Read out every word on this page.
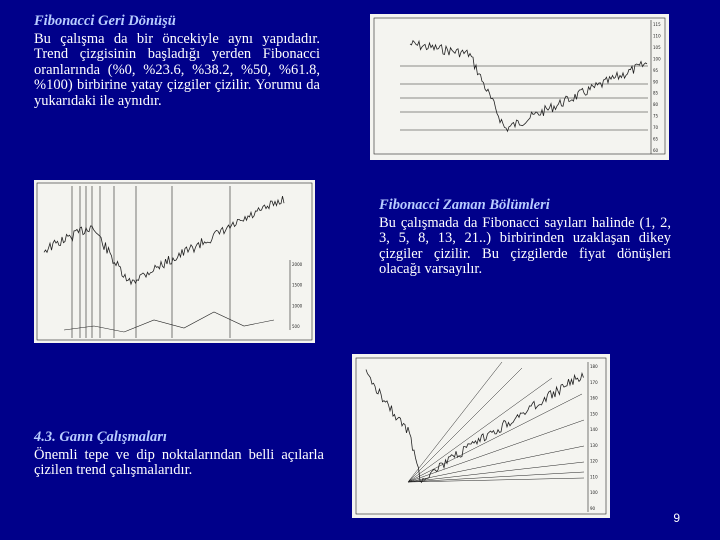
Fibonacci Geri Dönüşü
Bu çalışma da bir öncekiyle aynı yapıdadır. Trend çizgisinin başladığı yerden Fibonacci oranlarında (%0, %23.6, %38.2, %50, %61.8, %100) birbirine yatay çizgiler çizilir. Yorumu da yukarıdaki ile aynıdır.
Fibonacci Zaman Bölümleri
Bu çalışmada da Fibonacci sayıları halinde (1, 2, 3, 5, 8, 13, 21..) birbirinden uzaklaşan dikey çizgiler çizilir. Bu çizgilerde fiyat dönüşleri olacağı varsayılır.
4.3. Gann Çalışmaları
Önemli tepe ve dip noktalarından belli açılarla çizilen trend çalışmalarıdır.
115
110
105
100
95
90
85
80
75
70
65
60
2000
1500
1000
500
180
170
160
150
140
130
120
110
100
90
9
